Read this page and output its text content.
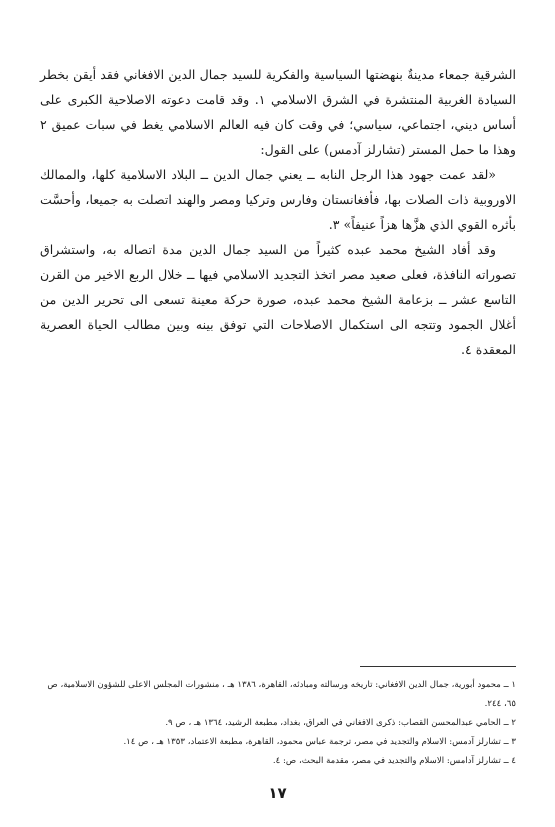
الشرقية جمعاء مدينةٌ بنهضتها السياسية والفكرية للسيد جمال الدين الافغاني فقد أيقن بخطر السيادة الغربية المنتشرة في الشرق الاسلامي ١. وقد قامت دعوته الاصلاحية الكبرى على أساس ديني، اجتماعي، سياسي؛ في وقت كان فيه العالم الاسلامي يغط في سبات عميق ٢ وهذا ما حمل المستر (تشارلز آدمس) على القول:

«لقد عمت جهود هذا الرجل النابه ــ يعني جمال الدين ــ البلاد الاسلامية كلها، والممالك الاوروبية ذات الصلات بها، فأفغانستان وفارس وتركيا ومصر والهند اتصلت به جميعا، وأحسَّت بأثره القوي الذي هزَّها هزاً عنيفاً» ٣.

وقد أفاد الشيخ محمد عبده كثيراً من السيد جمال الدين مدة اتصاله به، واستشراق تصوراته النافذة، فعلى صعيد مصر اتخذ التجديد الاسلامي فيها ــ خلال الربع الاخير من القرن التاسع عشر ــ بزعامة الشيخ محمد عبده، صورة حركة معينة تسعى الى تحرير الدين من أغلال الجمود وتتجه الى استكمال الاصلاحات التي توفق بينه وبين مطالب الحياة العصرية المعقدة ٤.

١ ــ محمود أبورية، جمال الدين الافغاني: تاريخه ورسالته ومبادئه، القاهرة، ١٣٨٦ هـ ، منشورات المجلس الاعلى للشؤون الاسلامية، ص ٦٥، ٢٤٤.

٢ ــ الحامي عبدالمحسن القصاب: ذكرى الافغاني في العراق، بغداد، مطبعة الرشيد، ١٣٦٤ هـ ، ص ٩.

٣ ــ تشارلز آدمس: الاسلام والتجديد في مصر، ترجمة عباس محمود، القاهرة، مطبعة الاعتماد، ١٣٥٣ هـ ، ص ١٤.

٤ ــ تشارلز آدامس: الاسلام والتجديد في مصر، مقدمة البحث، ص: ٤.

١٧
